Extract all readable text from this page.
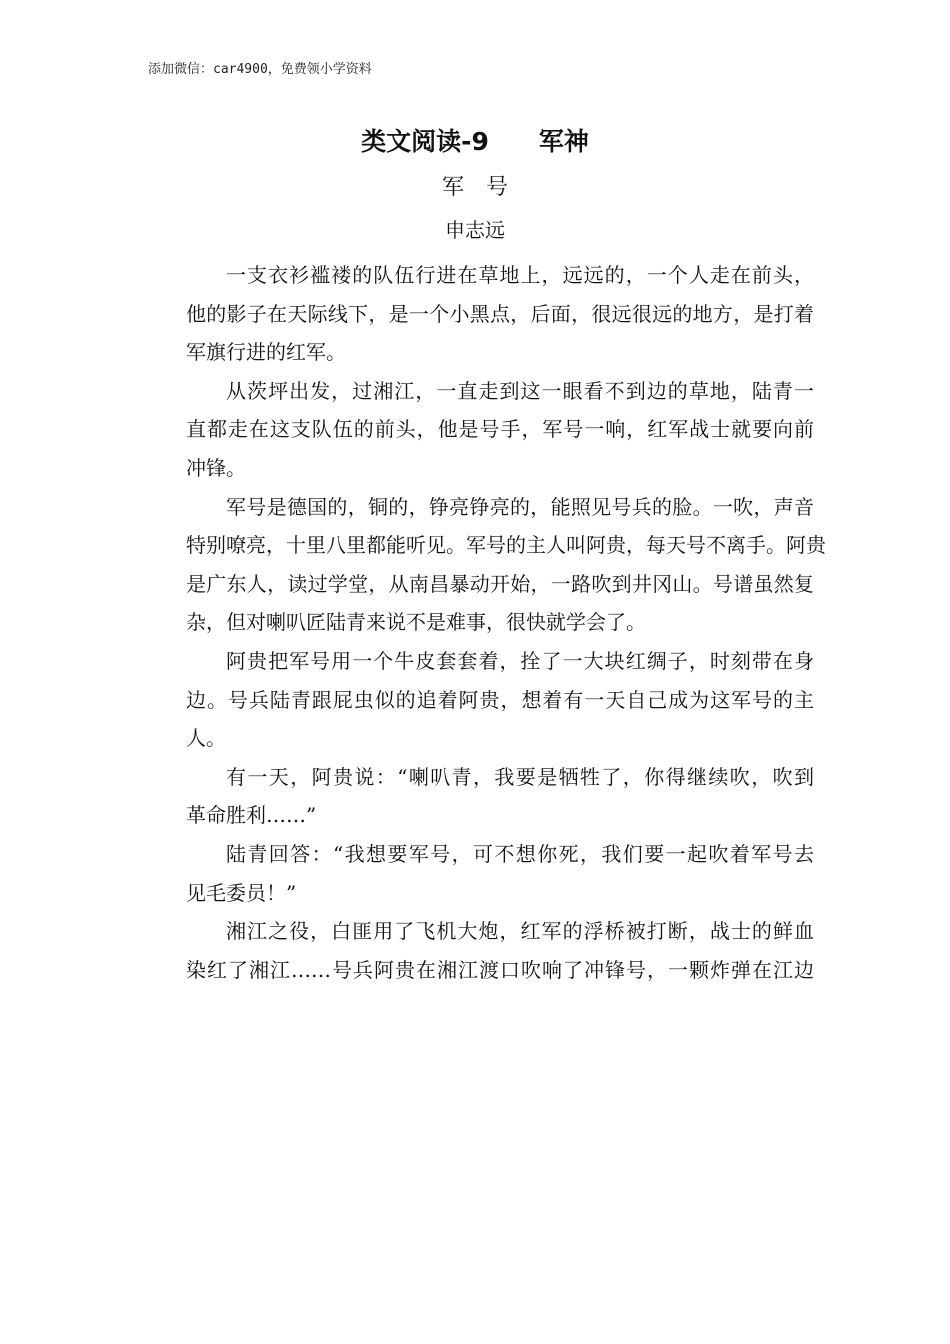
添加微信：car4900，免费领小学资料
类文阅读-9　　军神
军　号
申志远

一支衣衫褴褛的队伍行进在草地上，远远的，一个人走在前头，
他的影子在天际线下，是一个小黑点，后面，很远很远的地方，是打着
军旗行进的红军。

从茨坪出发，过湘江，一直走到这一眼看不到边的草地，陆青一
直都走在这支队伍的前头，他是号手，军号一响，红军战士就要向前
冲锋。

军号是德国的，铜的，铮亮铮亮的，能照见号兵的脸。一吹，声音
特别嘹亮，十里八里都能听见。军号的主人叫阿贵，每天号不离手。阿贵
是广东人，读过学堂，从南昌暴动开始，一路吹到井冈山。号谱虽然复
杂，但对喇叭匠陆青来说不是难事，很快就学会了。

阿贵把军号用一个牛皮套套着，拴了一大块红绸子，时刻带在身
边。号兵陆青跟屁虫似的追着阿贵，想着有一天自己成为这军号的主
人。

有一天，阿贵说：“喇叭青，我要是牺牲了，你得继续吹，吹到
革命胜利……”

陆青回答：“我想要军号，可不想你死，我们要一起吹着军号去
见毛委员！”

湘江之役，白匪用了飞机大炮，红军的浮桥被打断，战士的鲜血
染红了湘江……号兵阿贵在湘江渡口吹响了冲锋号，一颗炸弹在江边
